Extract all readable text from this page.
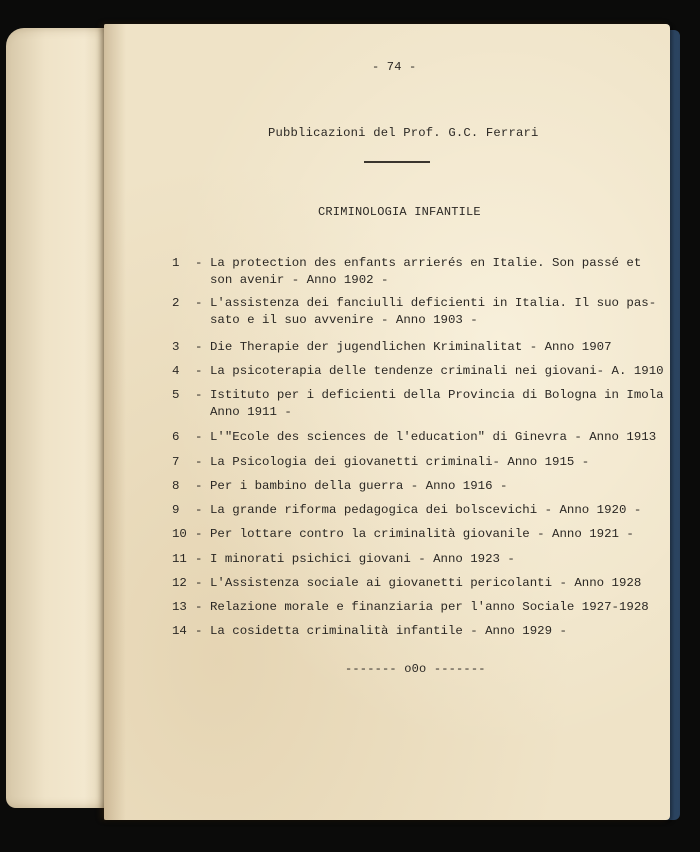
- 74 -
Pubblicazioni del Prof. G.C. Ferrari
CRIMINOLOGIA INFANTILE
1	- La protection des enfants arrierés en Italie. Son passé et
son avenir - Anno 1902 -
2	- L'assistenza dei fanciulli deficienti in Italia. Il suo pas-
sato e il suo avvenire - Anno 1903 -
3	- Die Therapie der jugendlichen Kriminalitat - Anno 1907
4	- La psicoterapia delle tendenze criminali nei giovani- A. 1910
5	- Istituto per i deficienti della Provincia di Bologna in Imola
Anno 1911 -
6	- L'"Ecole des sciences de l'education" di Ginevra - Anno 1913
7	- La Psicologia dei giovanetti criminali- Anno 1915 -
8	- Per i bambino della guerra - Anno 1916 -
9	- La grande riforma pedagogica dei bolscevichi - Anno 1920 -
10 - Per lottare contro la criminalità giovanile - Anno 1921 -
11 - I minorati psichici giovani - Anno 1923 -
12 - L'Assistenza sociale ai giovanetti pericolanti - Anno 1928
13 - Relazione morale e finanziaria per l'anno Sociale 1927-1928
14 - La cosidetta criminalità infantile - Anno 1929 -
------- o0o -------
